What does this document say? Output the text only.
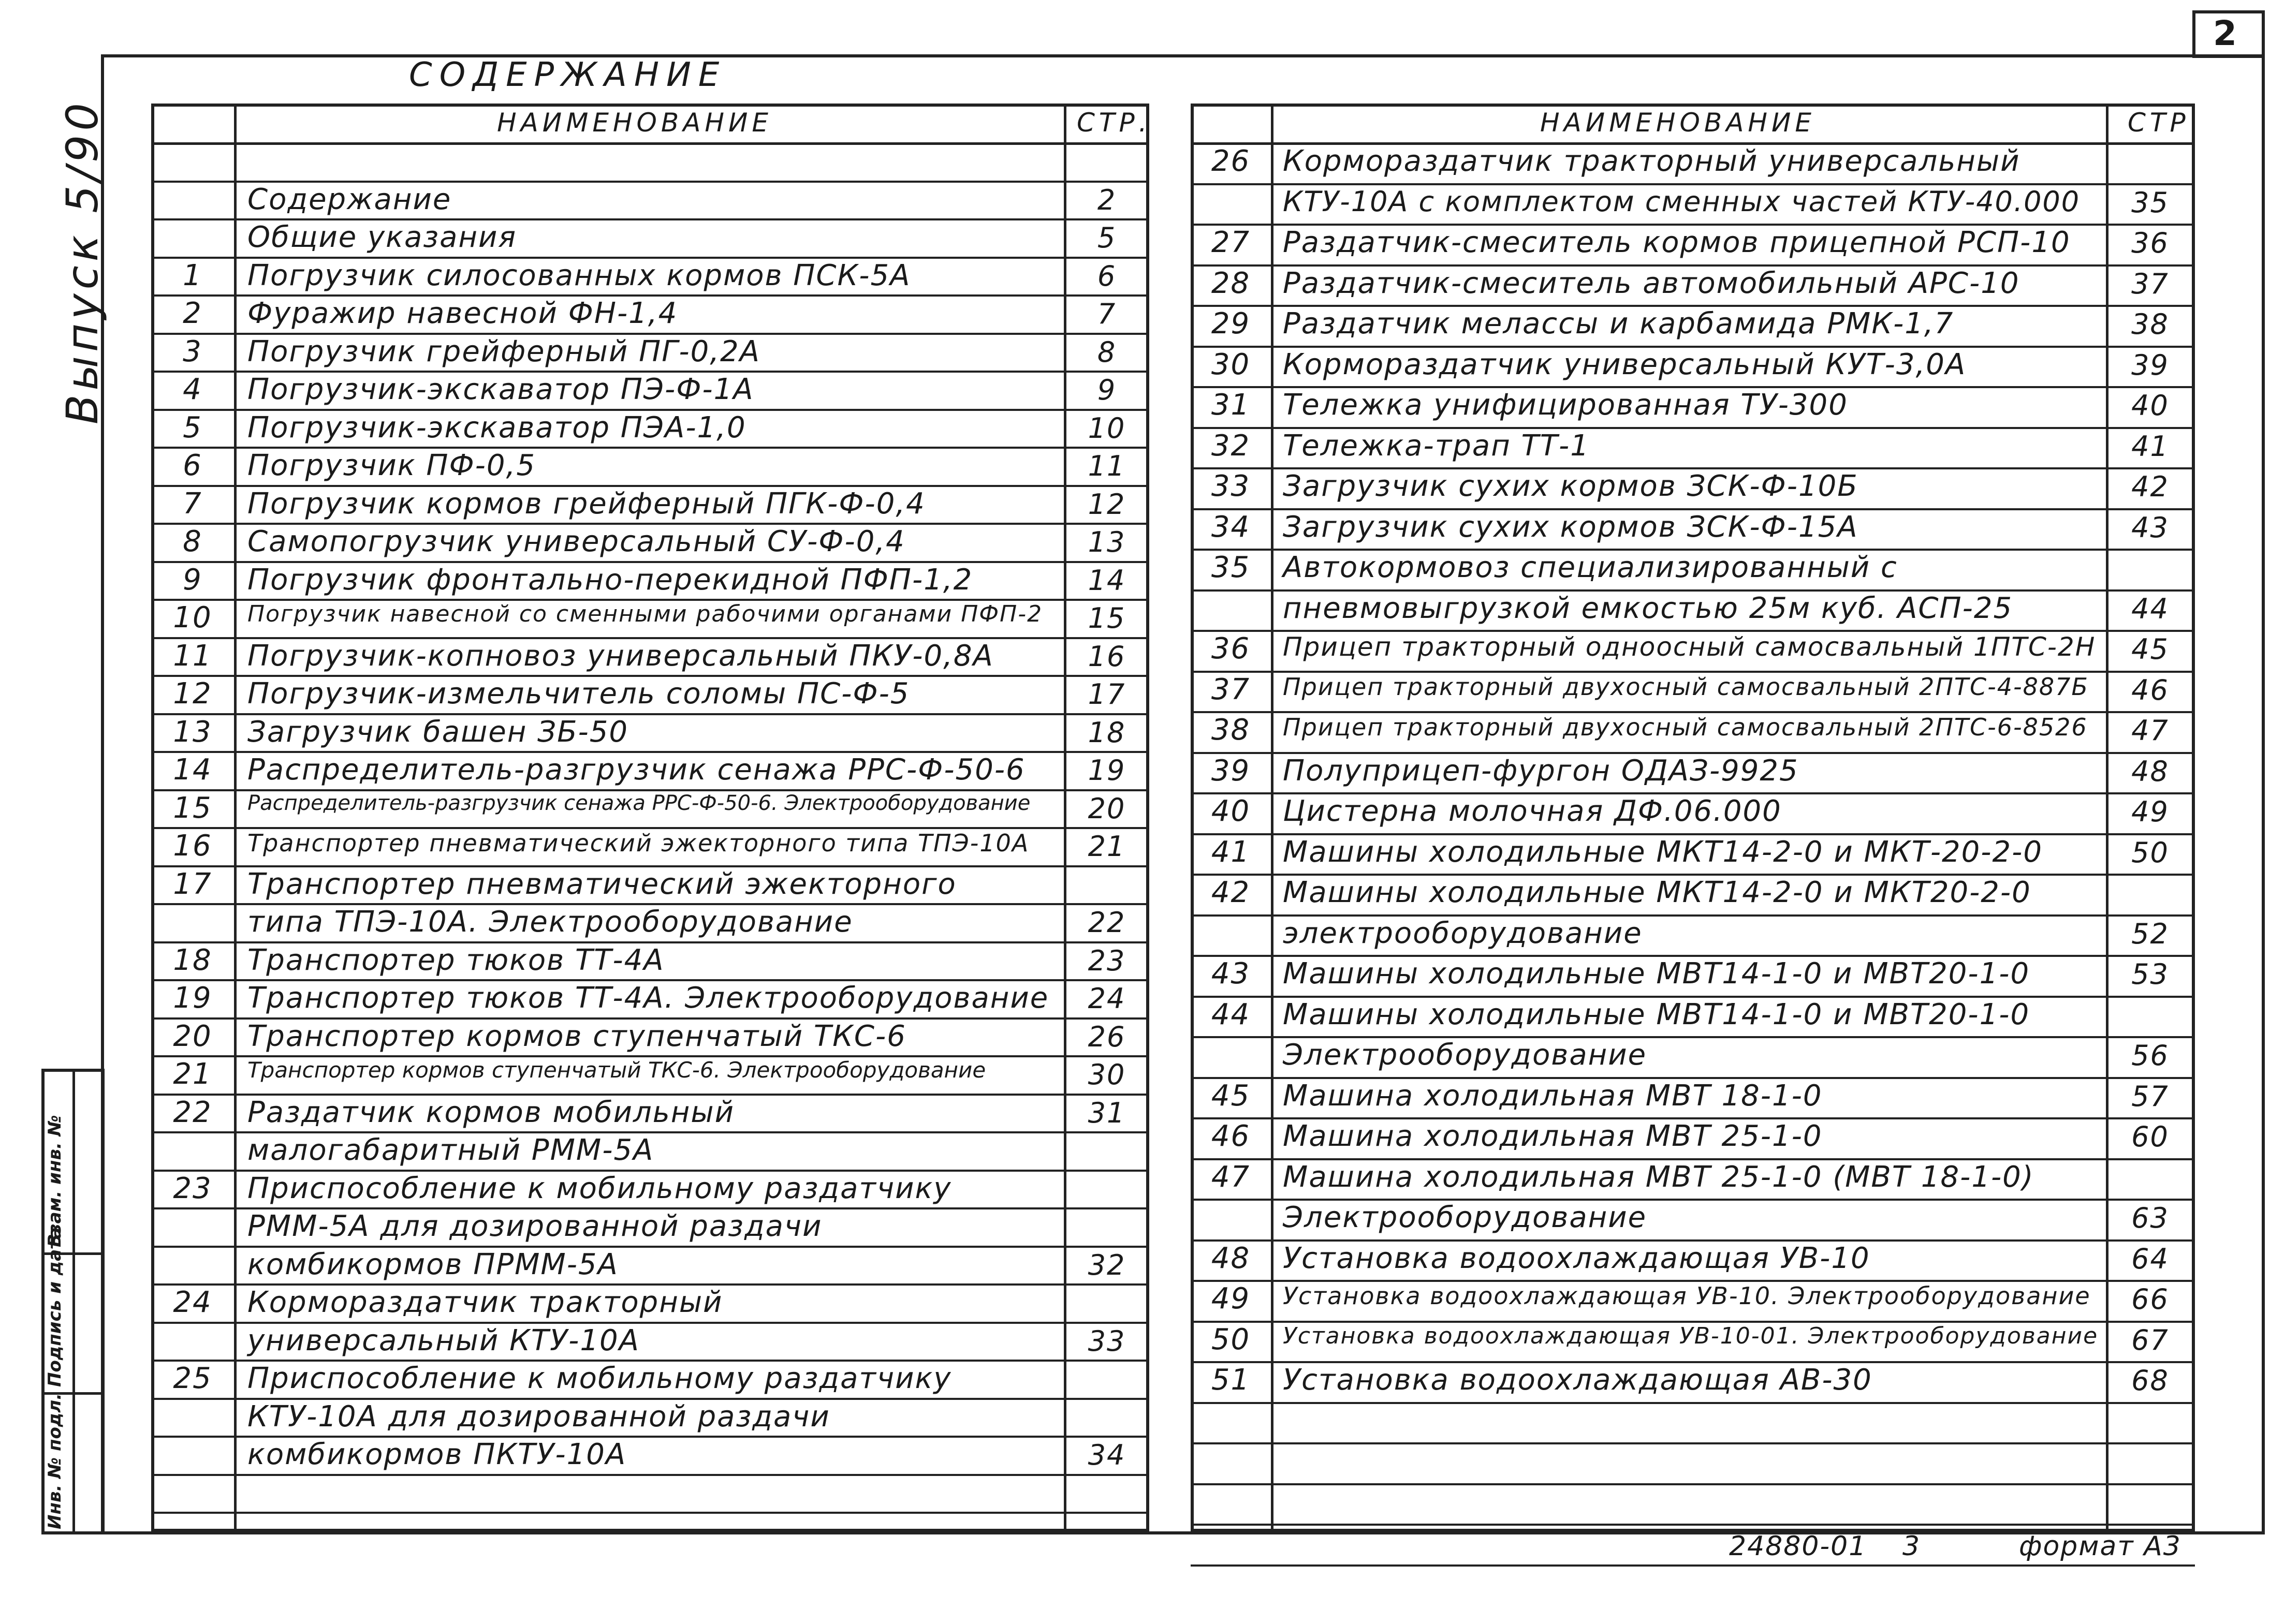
2
Выпуск 5/90
Инв. № подл.
Подпись и дата
Взам. инв. №
СОДЕРЖАНИЕ
НАИМЕНОВАНИЕ	СТР.
Содержание	2
Общие указания	5
1	Погрузчик силосованных кормов ПСК-5А	6
2	Фуражир навесной ФН-1,4	7
3	Погрузчик грейферный ПГ-0,2А	8
4	Погрузчик-экскаватор ПЭ-Ф-1А	9
5	Погрузчик-экскаватор ПЭА-1,0	10
6	Погрузчик ПФ-0,5	11
7	Погрузчик кормов грейферный ПГК-Ф-0,4	12
8	Самопогрузчик универсальный СУ-Ф-0,4	13
9	Погрузчик фронтально-перекидной ПФП-1,2	14
10	Погрузчик навесной со сменными рабочими органами ПФП-2	15
11	Погрузчик-копновоз универсальный ПКУ-0,8А	16
12	Погрузчик-измельчитель соломы ПС-Ф-5	17
13	Загрузчик башен ЗБ-50	18
14	Распределитель-разгрузчик сенажа РРС-Ф-50-6	19
15	Распределитель-разгрузчик сенажа РРС-Ф-50-6. Электрооборудование	20
16	Транспортер пневматический эжекторного типа ТПЭ-10А	21
17	Транспортер пневматический эжекторного
типа ТПЭ-10А. Электрооборудование	22
18	Транспортер тюков ТТ-4А	23
19	Транспортер тюков ТТ-4А. Электрооборудование	24
20	Транспортер кормов ступенчатый ТКС-6	26
21	Транспортер кормов ступенчатый ТКС-6. Электрооборудование	30
22	Раздатчик кормов мобильный	31
малогабаритный РММ-5А
23	Приспособление к мобильному раздатчику
РММ-5А для дозированной раздачи
комбикормов ПРММ-5А	32
24	Кормораздатчик тракторный
универсальный КТУ-10А	33
25	Приспособление к мобильному раздатчику
КТУ-10А для дозированной раздачи
комбикормов ПКТУ-10А	34
НАИМЕНОВАНИЕ	СТР
26	Кормораздатчик тракторный универсальный
КТУ-10А с комплектом сменных частей КТУ-40.000	35
27	Раздатчик-смеситель кормов прицепной РСП-10	36
28	Раздатчик-смеситель автомобильный АРС-10	37
29	Раздатчик мелассы и карбамида РМК-1,7	38
30	Кормораздатчик универсальный КУТ-3,0А	39
31	Тележка унифицированная ТУ-300	40
32	Тележка-трап ТТ-1	41
33	Загрузчик сухих кормов ЗСК-Ф-10Б	42
34	Загрузчик сухих кормов ЗСК-Ф-15А	43
35	Автокормовоз специализированный с
пневмовыгрузкой емкостью 25м куб. АСП-25	44
36	Прицеп тракторный одноосный самосвальный 1ПТС-2Н	45
37	Прицеп тракторный двухосный самосвальный 2ПТС-4-887Б	46
38	Прицеп тракторный двухосный самосвальный 2ПТС-6-8526	47
39	Полуприцеп-фургон ОДАЗ-9925	48
40	Цистерна молочная ДФ.06.000	49
41	Машины холодильные МКТ14-2-0 и МКТ-20-2-0	50
42	Машины холодильные МКТ14-2-0 и МКТ20-2-0
электрооборудование	52
43	Машины холодильные МВТ14-1-0 и МВТ20-1-0	53
44	Машины холодильные МВТ14-1-0 и МВТ20-1-0
Электрооборудование	56
45	Машина холодильная МВТ 18-1-0	57
46	Машина холодильная МВТ 25-1-0	60
47	Машина холодильная МВТ 25-1-0 (МВТ 18-1-0)
Электрооборудование	63
48	Установка водоохлаждающая УВ-10	64
49	Установка водоохлаждающая УВ-10. Электрооборудование	66
50	Установка водоохлаждающая УВ-10-01. Электрооборудование	67
51	Установка водоохлаждающая АВ-30	68
24880-01 3	формат А3
